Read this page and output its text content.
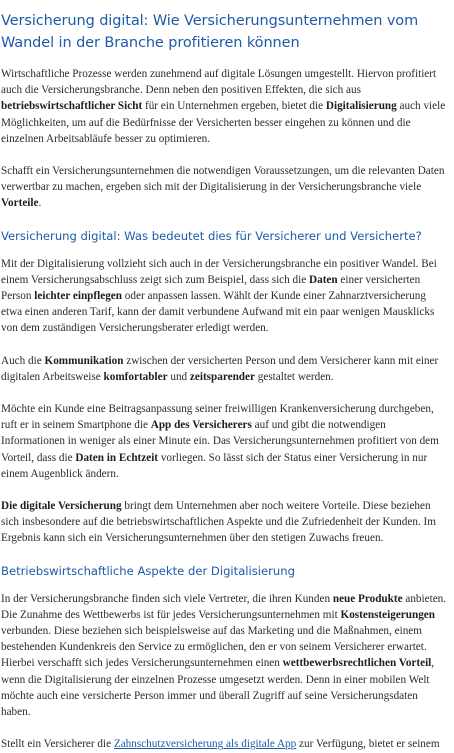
Versicherung digital: Wie Versicherungsunternehmen vom Wandel in der Branche profitieren können

Wirtschaftliche Prozesse werden zunehmend auf digitale Lösungen umgestellt. Hiervon profitiert auch die Versicherungsbranche. Denn neben den positiven Effekten, die sich aus betriebswirtschaftlicher Sicht für ein Unternehmen ergeben, bietet die Digitalisierung auch viele Möglichkeiten, um auf die Bedürfnisse der Versicherten besser eingehen zu können und die einzelnen Arbeitsabläufe besser zu optimieren.

Schafft ein Versicherungsunternehmen die notwendigen Voraussetzungen, um die relevanten Daten verwertbar zu machen, ergeben sich mit der Digitalisierung in der Versicherungsbranche viele Vorteile.

Versicherung digital: Was bedeutet dies für Versicherer und Versicherte?

Mit der Digitalisierung vollzieht sich auch in der Versicherungsbranche ein positiver Wandel. Bei einem Versicherungsabschluss zeigt sich zum Beispiel, dass sich die Daten einer versicherten Person leichter einpflegen oder anpassen lassen. Wählt der Kunde einer Zahnarztversicherung etwa einen anderen Tarif, kann der damit verbundene Aufwand mit ein paar wenigen Mausklicks von dem zuständigen Versicherungsberater erledigt werden.

Auch die Kommunikation zwischen der versicherten Person und dem Versicherer kann mit einer digitalen Arbeitsweise komfortabler und zeitsparender gestaltet werden.

Möchte ein Kunde eine Beitragsanpassung seiner freiwilligen Krankenversicherung durchgeben, ruft er in seinem Smartphone die App des Versicherers auf und gibt die notwendigen Informationen in weniger als einer Minute ein. Das Versicherungsunternehmen profitiert von dem Vorteil, dass die Daten in Echtzeit vorliegen. So lässt sich der Status einer Versicherung in nur einem Augenblick ändern.

Die digitale Versicherung bringt dem Unternehmen aber noch weitere Vorteile. Diese beziehen sich insbesondere auf die betriebswirtschaftlichen Aspekte und die Zufriedenheit der Kunden. Im Ergebnis kann sich ein Versicherungsunternehmen über den stetigen Zuwachs freuen.

Betriebswirtschaftliche Aspekte der Digitalisierung

In der Versicherungsbranche finden sich viele Vertreter, die ihren Kunden neue Produkte anbieten. Die Zunahme des Wettbewerbs ist für jedes Versicherungsunternehmen mit Kostensteigerungen verbunden. Diese beziehen sich beispielsweise auf das Marketing und die Maßnahmen, einem bestehenden Kundenkreis den Service zu ermöglichen, den er von seinem Versicherer erwartet. Hierbei verschafft sich jedes Versicherungsunternehmen einen wettbewerbsrechtlichen Vorteil, wenn die Digitalisierung der einzelnen Prozesse umgesetzt werden. Denn in einer mobilen Welt möchte auch eine versicherte Person immer und überall Zugriff auf seine Versicherungsdaten haben.

Stellt ein Versicherer die Zahnschutzversicherung als digitale App zur Verfügung, bietet er seinem
